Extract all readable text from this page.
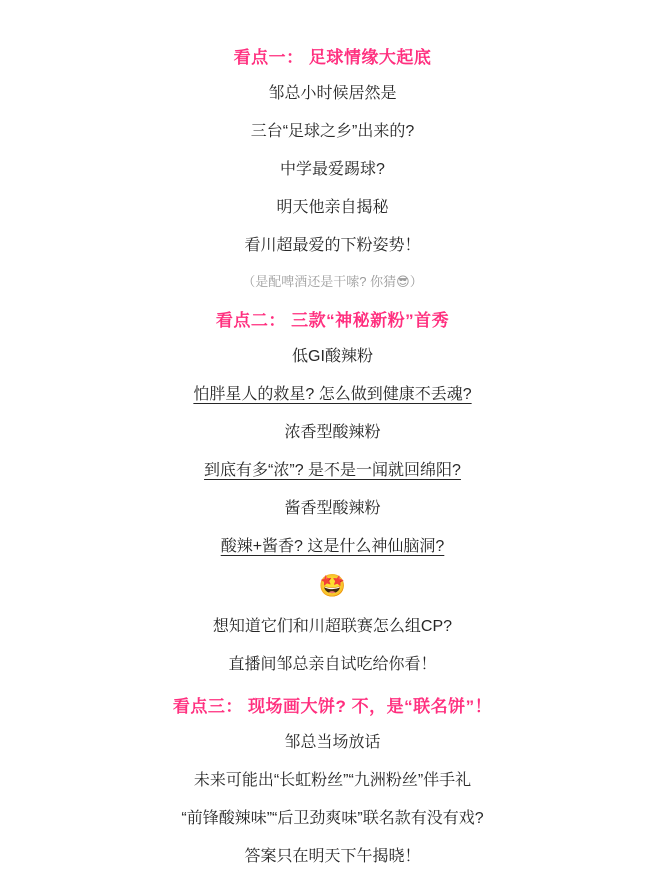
看点一： 足球情缘大起底
邹总小时候居然是
三台“足球之乡”出来的?
中学最爱踢球?
明天他亲自揭秘
看川超最爱的下粉姿势！
（是配啤酒还是干嗦? 你猜😎）
看点二： 三款“神秘新粉”首秀
低GI酸辣粉
怕胖星人的救星? 怎么做到健康不丢魂?
浓香型酸辣粉
到底有多“浓”? 是不是一闻就回绵阳?
酱香型酸辣粉
酸辣+酱香? 这是什么神仙脑洞?
🤩
想知道它们和川超联赛怎么组CP?
直播间邹总亲自试吃给你看！
看点三： 现场画大饼? 不，是“联名饼”！
邹总当场放话
未来可能出“长虹粉丝”“九洲粉丝”伴手礼
“前锋酸辣味”“后卫劲爽味”联名款有没有戏?
答案只在明天下午揭晓！
